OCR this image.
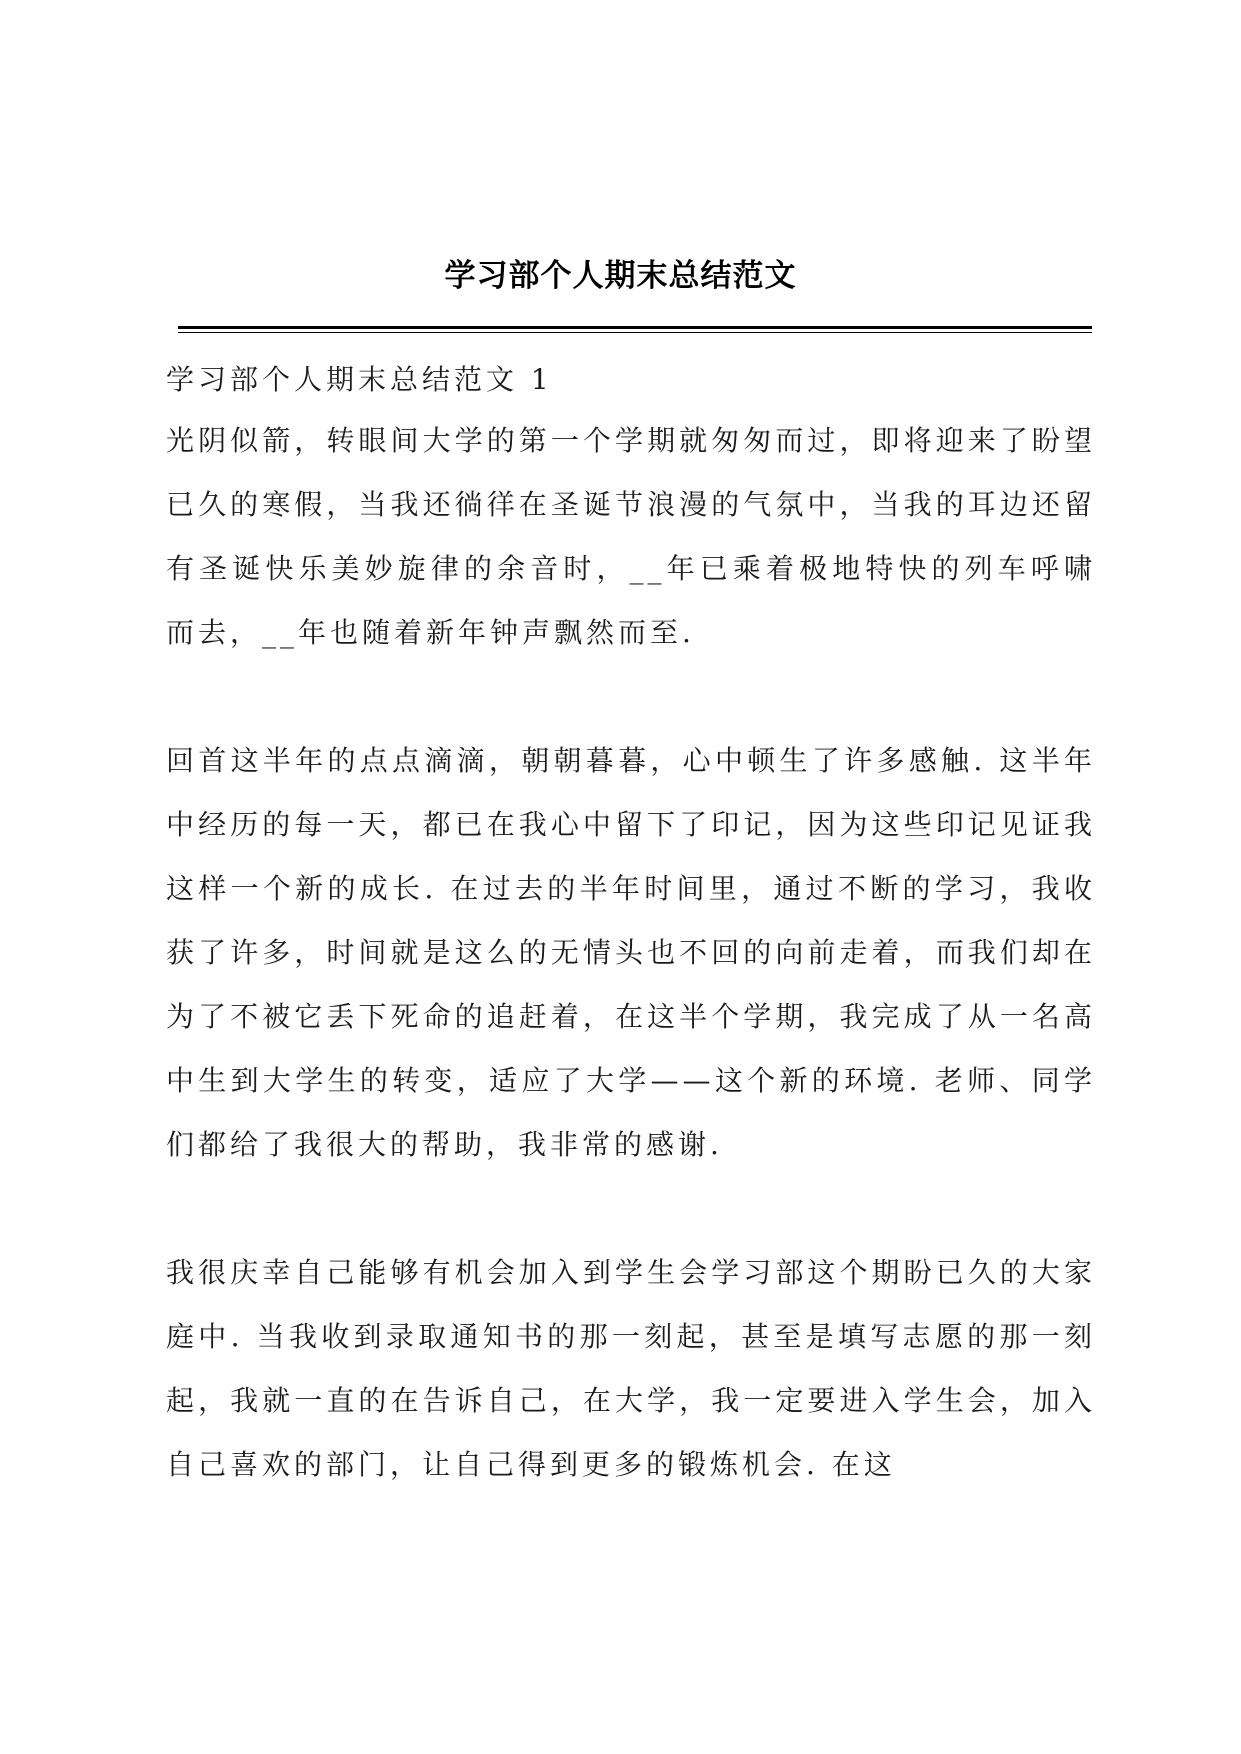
学习部个人期末总结范文

学习部个人期末总结范文 1

光阴似箭，转眼间大学的第一个学期就匆匆而过，即将迎来了盼望已久的寒假，当我还徜徉在圣诞节浪漫的气氛中，当我的耳边还留有圣诞快乐美妙旋律的余音时，__年已乘着极地特快的列车呼啸而去，__年也随着新年钟声飘然而至.

回首这半年的点点滴滴，朝朝暮暮，心中顿生了许多感触. 这半年中经历的每一天，都已在我心中留下了印记，因为这些印记见证我这样一个新的成长. 在过去的半年时间里，通过不断的学习，我收获了许多，时间就是这么的无情头也不回的向前走着，而我们却在为了不被它丢下死命的追赶着，在这半个学期，我完成了从一名高中生到大学生的转变，适应了大学——这个新的环境. 老师、同学们都给了我很大的帮助，我非常的感谢.

我很庆幸自己能够有机会加入到学生会学习部这个期盼已久的大家庭中. 当我收到录取通知书的那一刻起，甚至是填写志愿的那一刻起，我就一直的在告诉自己，在大学，我一定要进入学生会，加入自己喜欢的部门，让自己得到更多的锻炼机会. 在这
